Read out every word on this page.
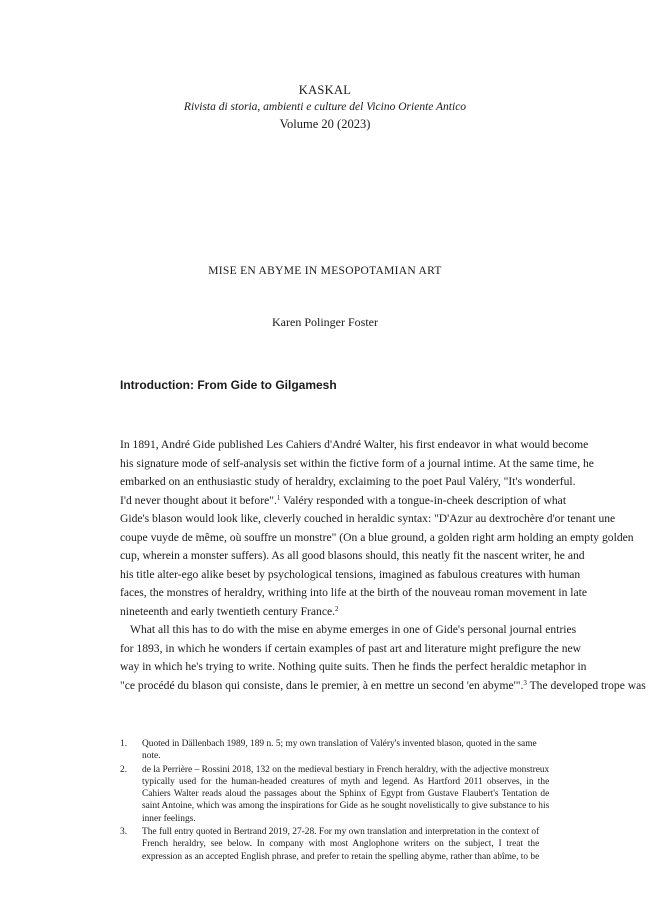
KASKAL
Rivista di storia, ambienti e culture del Vicino Oriente Antico
Volume 20 (2023)
MISE EN ABYME IN MESOPOTAMIAN ART
Karen Polinger Foster
Introduction: From Gide to Gilgamesh
In 1891, André Gide published Les Cahiers d'André Walter, his first endeavor in what would become
his signature mode of self-analysis set within the fictive form of a journal intime. At the same time, he
embarked on an enthusiastic study of heraldry, exclaiming to the poet Paul Valéry, "It's wonderful.
I'd never thought about it before".$^1$ Valéry responded with a tongue-in-cheek description of what
Gide's blason would look like, cleverly couched in heraldic syntax: "D'Azur au dextrochère d'or tenant une
coupe vuyde de même, où souffre un monstre" (On a blue ground, a golden right arm holding an empty golden
cup, wherein a monster suffers). As all good blasons should, this neatly fit the nascent writer, he and
his title alter-ego alike beset by psychological tensions, imagined as fabulous creatures with human
faces, the monstres of heraldry, writhing into life at the birth of the nouveau roman movement in late
nineteenth and early twentieth century France.$^2$
What all this has to do with the mise en abyme emerges in one of Gide's personal journal entries
for 1893, in which he wonders if certain examples of past art and literature might prefigure the new
way in which he's trying to write. Nothing quite suits. Then he finds the perfect heraldic metaphor in
"ce procédé du blason qui consiste, dans le premier, à en mettre un second 'en abyme'".$^3$ The developed trope was
1.	Quoted in Dällenbach 1989, 189 n. 5; my own translation of Valéry's invented blason, quoted in the same
note.
2.	de la Perrière – Rossini 2018, 132 on the medieval bestiary in French heraldry, with the adjective monstreux
typically used for the human-headed creatures of myth and legend. As Hartford 2011 observes, in the
Cahiers Walter reads aloud the passages about the Sphinx of Egypt from Gustave Flaubert's Tentation de
saint Antoine, which was among the inspirations for Gide as he sought novelistically to give substance to his
inner feelings.
3.	The full entry quoted in Bertrand 2019, 27-28. For my own translation and interpretation in the context of
French heraldry, see below. In company with most Anglophone writers on the subject, I treat the
expression as an accepted English phrase, and prefer to retain the spelling abyme, rather than abîme, to be
